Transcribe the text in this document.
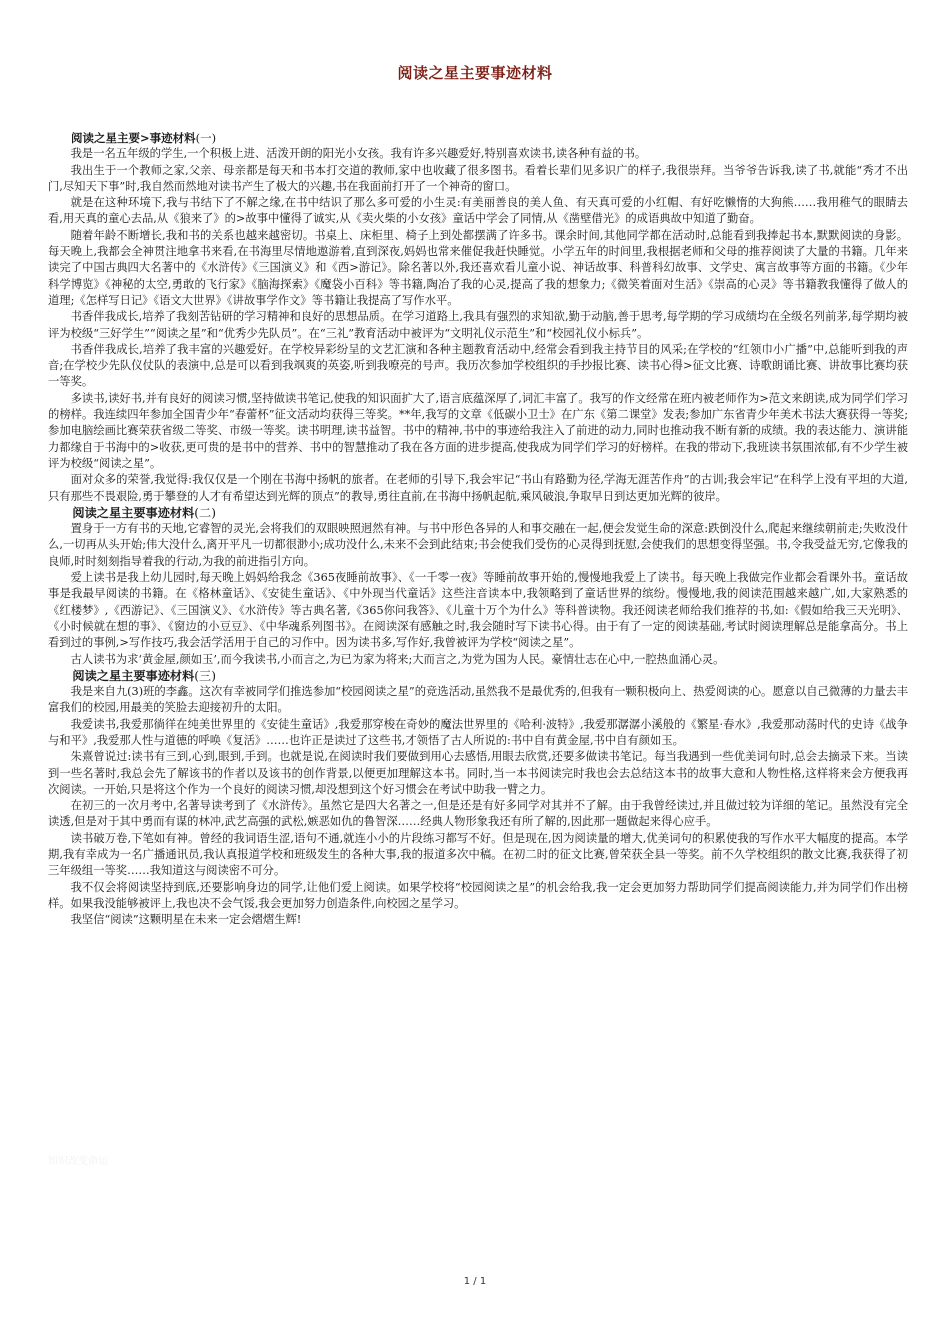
阅读之星主要事迹材料

阅读之星主要>事迹材料(一)

我是一名五年级的学生,一个积极上进、活泼开朗的阳光小女孩。我有许多兴趣爱好,特别喜欢读书,读各种有益的书。

我出生于一个教师之家,父亲、母亲都是每天和书本打交道的教师,家中也收藏了很多图书。看着长辈们见多识广的样子,我很崇拜。当爷爷告诉我,读了书,就能“秀才不出门,尽知天下事”时,我自然而然地对读书产生了极大的兴趣,书在我面前打开了一个神奇的窗口。

就是在这种环境下,我与书结下了不解之缘,在书中结识了那么多可爱的小生灵:有美丽善良的美人鱼、有天真可爱的小红帽、有好吃懒惰的大狗熊……我用稚气的眼睛去看,用天真的童心去品,从《狼来了》的>故事中懂得了诚实,从《卖火柴的小女孩》童话中学会了同情,从《凿壁借光》的成语典故中知道了勤奋。

随着年龄不断增长,我和书的关系也越来越密切。书桌上、床柜里、椅子上到处都摆满了许多书。课余时间,其他同学都在活动时,总能看到我捧起书本,默默阅读的身影。每天晚上,我都会全神贯注地拿书来看,在书海里尽情地遨游着,直到深夜,妈妈也常来催促我赶快睡觉。小学五年的时间里,我根据老师和父母的推荐阅读了大量的书籍。几年来读完了中国古典四大名著中的《水浒传》《三国演义》和《西>游记》。除名著以外,我还喜欢看儿童小说、神话故事、科普科幻故事、文学史、寓言故事等方面的书籍。《少年科学博览》《神秘的太空,勇敢的飞行家》《脑海探索》《魔袋小百科》等书籍,陶冶了我的心灵,提高了我的想象力;《微笑着面对生活》《崇高的心灵》等书籍教我懂得了做人的道理;《怎样写日记》《语文大世界》《讲故事学作文》等书籍让我提高了写作水平。

书香伴我成长,培养了我刻苦钻研的学习精神和良好的思想品质。在学习道路上,我具有强烈的求知欲,勤于动脑,善于思考,每学期的学习成绩均在全级名列前茅,每学期均被评为校级“三好学生”“阅读之星”和“优秀少先队员”。在“三礼”教育活动中被评为“文明礼仪示范生”和“校园礼仪小标兵”。

书香伴我成长,培养了我丰富的兴趣爱好。在学校异彩纷呈的文艺汇演和各种主题教育活动中,经常会看到我主持节目的风采;在学校的“红领巾小广播”中,总能听到我的声音;在学校少先队仪仗队的表演中,总是可以看到我飒爽的英姿,听到我嘹亮的号声。我历次参加学校组织的手抄报比赛、读书心得>征文比赛、诗歌朗诵比赛、讲故事比赛均获一等奖。

多读书,读好书,并有良好的阅读习惯,坚持做读书笔记,使我的知识面扩大了,语言底蕴深厚了,词汇丰富了。我写的作文经常在班内被老师作为>范文来朗读,成为同学们学习的榜样。我连续四年参加全国青少年“春蕾杯”征文活动均获得三等奖。**年,我写的文章《低碳小卫士》在广东《第二课堂》发表;参加广东省青少年美术书法大赛获得一等奖;参加电脑绘画比赛荣获省级二等奖、市级一等奖。读书明理,读书益智。书中的精神,书中的事迹给我注入了前进的动力,同时也推动我不断有新的成绩。我的表达能力、演讲能力都缘自于书海中的>收获,更可贵的是书中的营养、书中的智慧推动了我在各方面的进步提高,使我成为同学们学习的好榜样。在我的带动下,我班读书氛围浓郁,有不少学生被评为校级“阅读之星”。

面对众多的荣誉,我觉得:我仅仅是一个刚在书海中扬帆的旅者。在老师的引导下,我会牢记“书山有路勤为径,学海无涯苦作舟”的古训;我会牢记“在科学上没有平坦的大道,只有那些不畏艰险,勇于攀登的人才有希望达到光辉的顶点”的教导,勇往直前,在书海中扬帆起航,乘风破浪,争取早日到达更加光辉的彼岸。

阅读之星主要事迹材料(二)

置身于一方有书的天地,它睿智的灵光,会将我们的双眼映照迥然有神。与书中形色各异的人和事交融在一起,便会发觉生命的深意:跌倒没什么,爬起来继续朝前走;失败没什么,一切再从头开始;伟大没什么,离开平凡一切都很渺小;成功没什么,未来不会到此结束;书会使我们受伤的心灵得到抚慰,会使我们的思想变得坚强。书,令我受益无穷,它像我的良师,时时刻刻指导着我的行动,为我的前进指引方向。

爱上读书是我上幼儿园时,每天晚上妈妈给我念《365夜睡前故事》、《一千零一夜》等睡前故事开始的,慢慢地我爱上了读书。每天晚上我做完作业都会看课外书。童话故事是我最早阅读的书籍。在《格林童话》、《安徒生童话》、《中外现当代童话》这些注音读本中,我领略到了童话世界的缤纷。慢慢地,我的阅读范围越来越广,如,大家熟悉的《红楼梦》,《西游记》、《三国演义》、《水浒传》等古典名著,《365你问我答》、《儿童十万个为什么》等科普读物。我还阅读老师给我们推荐的书,如:《假如给我三天光明》、《小时候就在想的事》、《窗边的小豆豆》、《中华魂系列图书》。在阅读深有感触之时,我会随时写下读书心得。由于有了一定的阅读基础,考试时阅读理解总是能拿高分。书上看到过的事例,>写作技巧,我会活学活用于自己的习作中。因为读书多,写作好,我曾被评为学校“阅读之星”。

古人读书为求‘黄金屋,颜如玉’,而今我读书,小而言之,为已为家为将来;大而言之,为党为国为人民。豪情壮志在心中,一腔热血涌心灵。

阅读之星主要事迹材料(三)

我是来自九(3)班的李鑫。这次有幸被同学们推选参加“校园阅读之星”的竞选活动,虽然我不是最优秀的,但我有一颗积极向上、热爱阅读的心。愿意以自己微薄的力量去丰富我们的校园,用最美的笑脸去迎接初升的太阳。

我爱读书,我爱那徜徉在纯美世界里的《安徒生童话》,我爱那穿梭在奇妙的魔法世界里的《哈利·波特》,我爱那潺潺小溪般的《繁星·春水》,我爱那动荡时代的史诗《战争与和平》,我爱那人性与道德的呼唤《复活》……也许正是读过了这些书,才领悟了古人所说的:书中自有黄金屋,书中自有颜如玉。

朱熹曾说过:读书有三到,心到,眼到,手到。也就是说,在阅读时我们要做到用心去感悟,用眼去欣赏,还要多做读书笔记。每当我遇到一些优美词句时,总会去摘录下来。当读到一些名著时,我总会先了解该书的作者以及该书的创作背景,以便更加理解这本书。同时,当一本书阅读完时我也会去总结这本书的故事大意和人物性格,这样将来会方便我再次阅读。一开始,只是将这个作为一个良好的阅读习惯,却没想到这个好习惯会在考试中助我一臂之力。

在初三的一次月考中,名著导读考到了《水浒传》。虽然它是四大名著之一,但是还是有好多同学对其并不了解。由于我曾经读过,并且做过较为详细的笔记。虽然没有完全读透,但是对于其中勇而有谋的林冲,武艺高强的武松,嫉恶如仇的鲁智深……经典人物形象我还有所了解的,因此那一题做起来得心应手。

读书破万卷,下笔如有神。曾经的我词语生涩,语句不通,就连小小的片段练习都写不好。但是现在,因为阅读量的增大,优美词句的积累使我的写作水平大幅度的提高。本学期,我有幸成为一名广播通讯员,我认真报道学校和班级发生的各种大事,我的报道多次中稿。在初二时的征文比赛,曾荣获全县一等奖。前不久学校组织的散文比赛,我获得了初三年级组一等奖……我知道这与阅读密不可分。

我不仅会将阅读坚持到底,还要影响身边的同学,让他们爱上阅读。如果学校将“校园阅读之星”的机会给我,我一定会更加努力帮助同学们提高阅读能力,并为同学们作出榜样。如果我没能够被评上,我也决不会气馁,我会更加努力创造条件,向校园之星学习。

我坚信“阅读”这颗明星在未来一定会熠熠生辉!

知识改变命运
1 / 1
